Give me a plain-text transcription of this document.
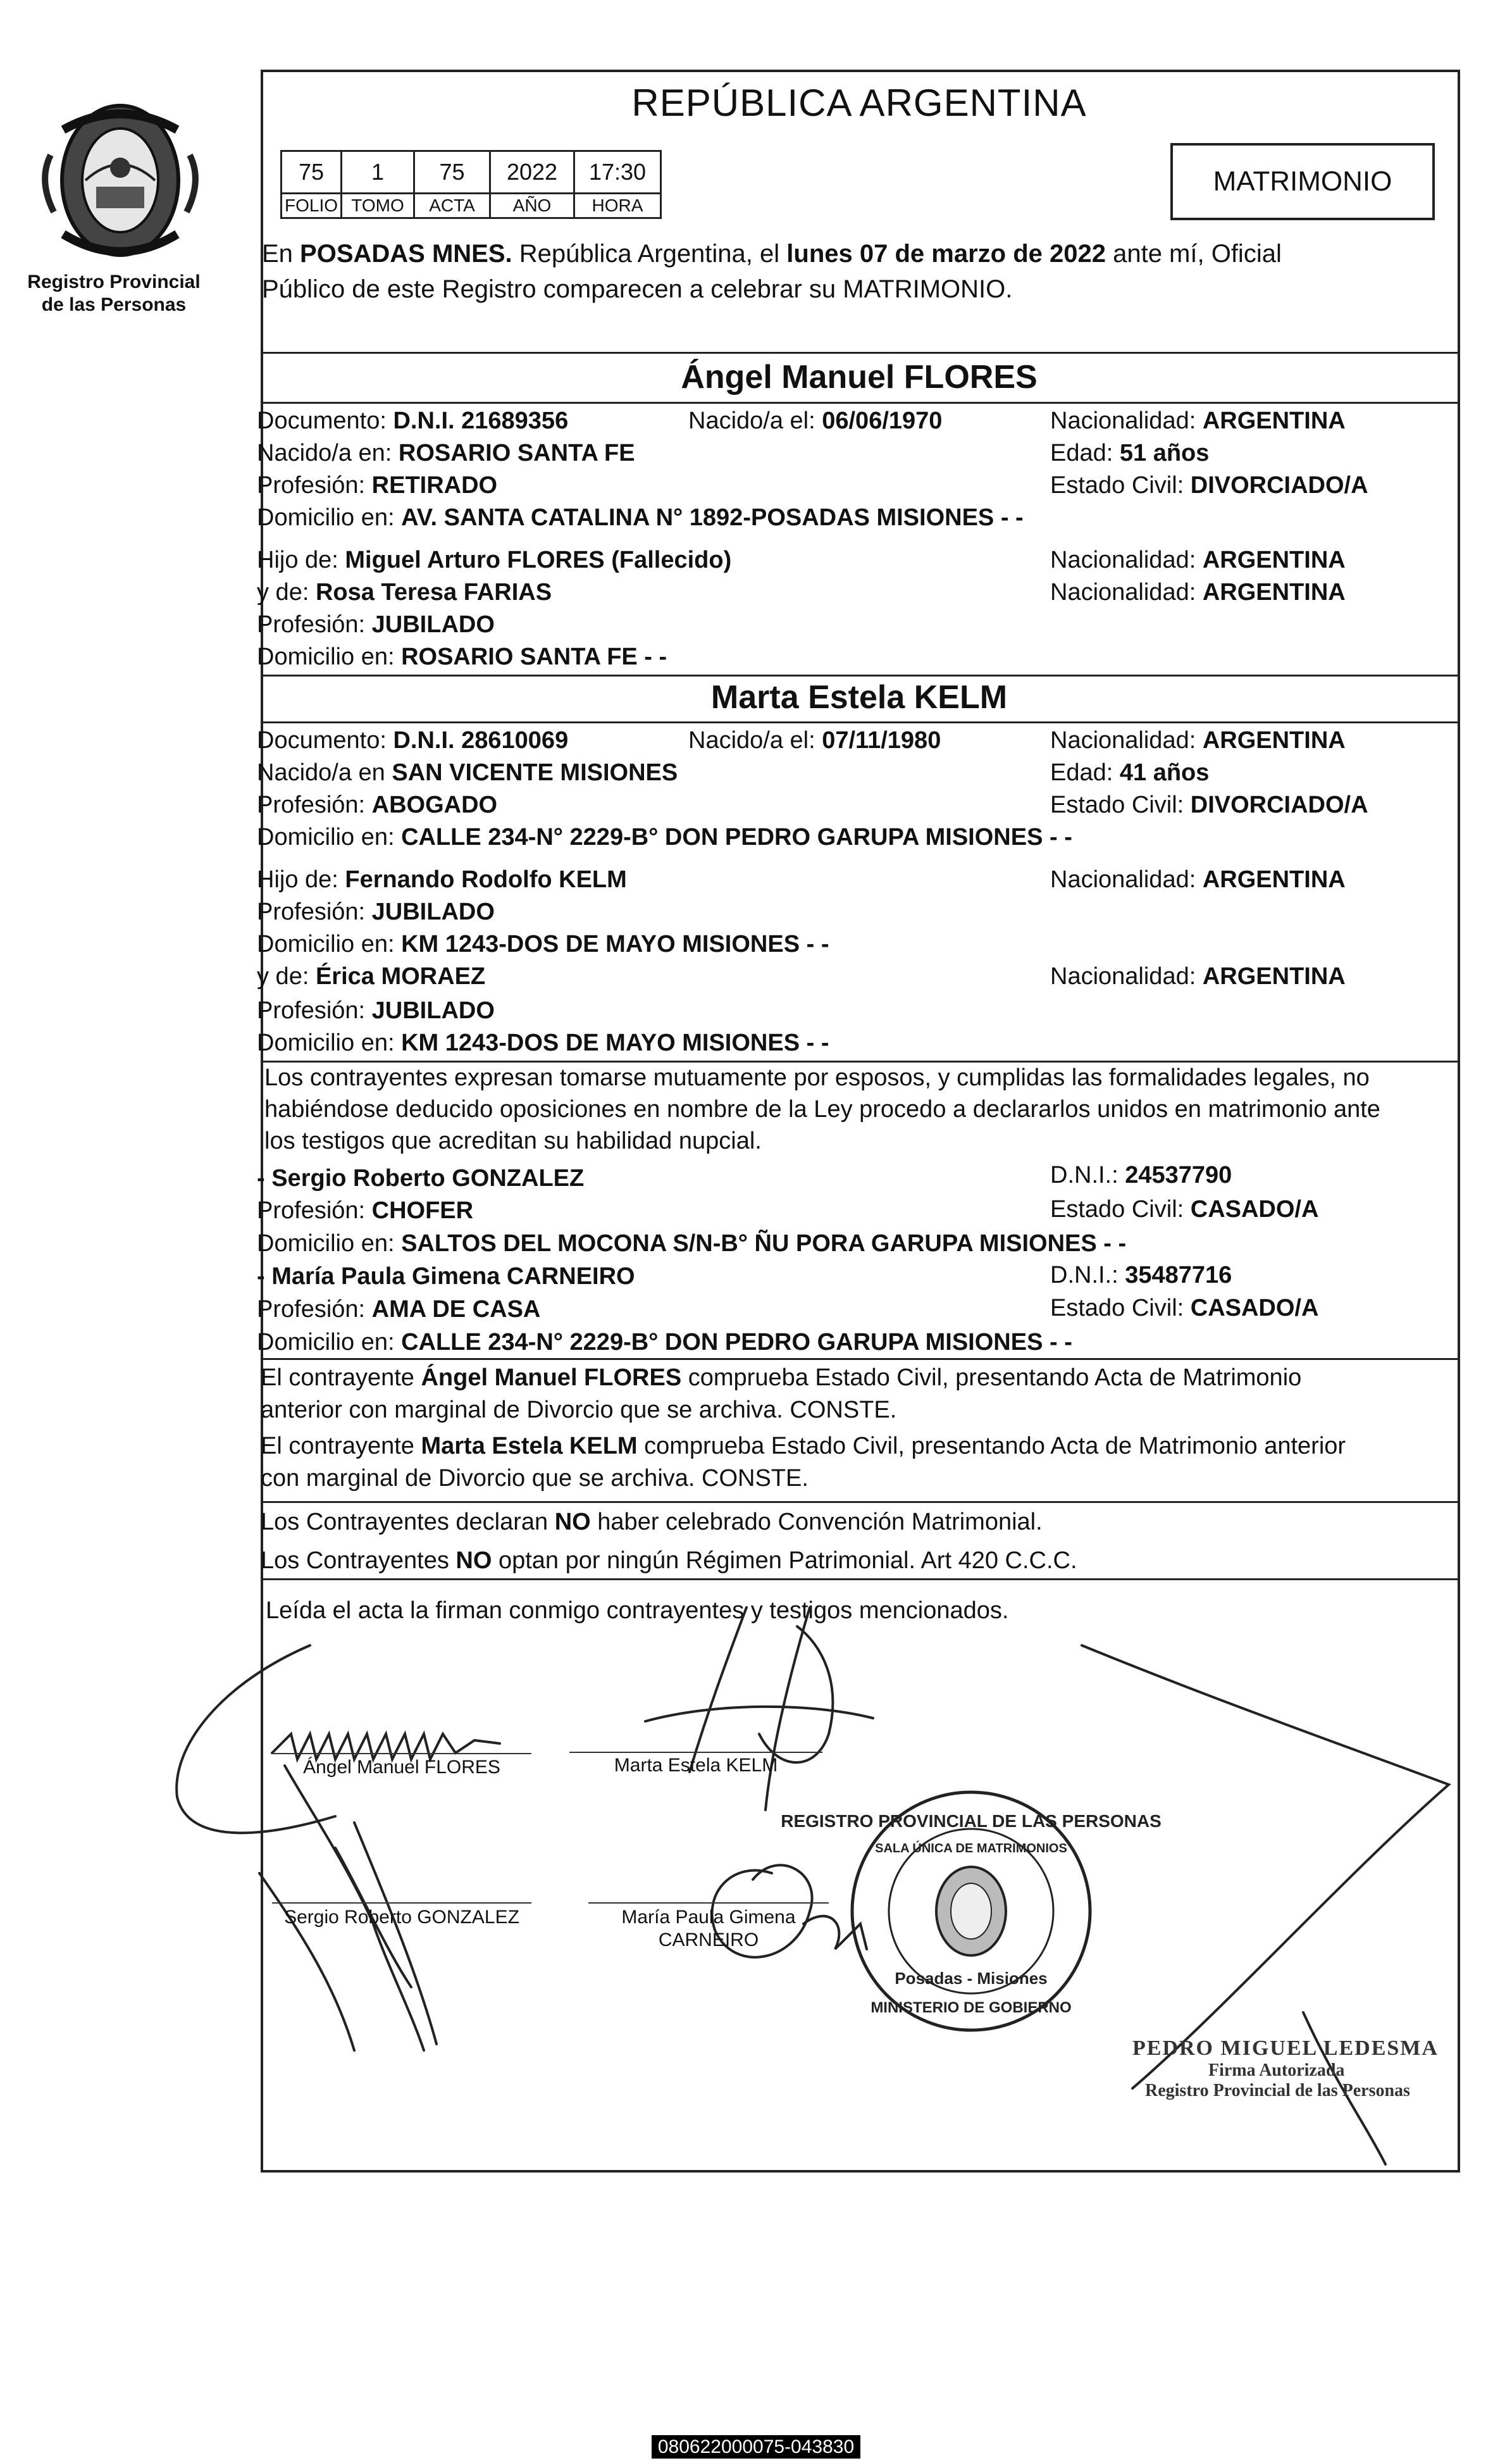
Registro Provincial
de las Personas
REPÚBLICA ARGENTINA
75	1	75	2022	17:30
FOLIO	TOMO	ACTA	AÑO	HORA
MATRIMONIO
En POSADAS MNES. República Argentina, el lunes 07 de marzo de 2022 ante mí, Oficial
Público de este Registro comparecen a celebrar su MATRIMONIO.
Ángel Manuel FLORES
Documento: D.N.I. 21689356	Nacido/a el: 06/06/1970	Nacionalidad: ARGENTINA
Nacido/a en: ROSARIO SANTA FE	Edad: 51 años
Profesión: RETIRADO	Estado Civil: DIVORCIADO/A
Domicilio en: AV. SANTA CATALINA N° 1892-POSADAS MISIONES - -
Hijo de: Miguel Arturo FLORES (Fallecido)	Nacionalidad: ARGENTINA
y de: Rosa Teresa FARIAS	Nacionalidad: ARGENTINA
Profesión: JUBILADO
Domicilio en: ROSARIO SANTA FE - -
Marta Estela KELM
Documento: D.N.I. 28610069	Nacido/a el: 07/11/1980	Nacionalidad: ARGENTINA
Nacido/a en SAN VICENTE MISIONES	Edad: 41 años
Profesión: ABOGADO	Estado Civil: DIVORCIADO/A
Domicilio en: CALLE 234-N° 2229-B° DON PEDRO GARUPA MISIONES - -
Hijo de: Fernando Rodolfo KELM	Nacionalidad: ARGENTINA
Profesión: JUBILADO
Domicilio en: KM 1243-DOS DE MAYO MISIONES - -
y de: Érica MORAEZ	Nacionalidad: ARGENTINA
Profesión: JUBILADO
Domicilio en: KM 1243-DOS DE MAYO MISIONES - -
Los contrayentes expresan tomarse mutuamente por esposos, y cumplidas las formalidades legales, no
habiéndose deducido oposiciones en nombre de la Ley procedo a declararlos unidos en matrimonio ante
los testigos que acreditan su habilidad nupcial.
- Sergio Roberto GONZALEZ	D.N.I.: 24537790
Profesión: CHOFER	Estado Civil: CASADO/A
Domicilio en: SALTOS DEL MOCONA S/N-B° ÑU PORA GARUPA MISIONES - -
- María Paula Gimena CARNEIRO	D.N.I.: 35487716
Profesión: AMA DE CASA	Estado Civil: CASADO/A
Domicilio en: CALLE 234-N° 2229-B° DON PEDRO GARUPA MISIONES - -
El contrayente Ángel Manuel FLORES comprueba Estado Civil, presentando Acta de Matrimonio
anterior con marginal de Divorcio que se archiva. CONSTE.
El contrayente Marta Estela KELM comprueba Estado Civil, presentando Acta de Matrimonio anterior
con marginal de Divorcio que se archiva. CONSTE.
Los Contrayentes declaran NO haber celebrado Convención Matrimonial.
Los Contrayentes NO optan por ningún Régimen Patrimonial. Art 420 C.C.C.
Leída el acta la firman conmigo contrayentes y testigos mencionados.
Ángel Manuel FLORES	Marta Estela KELM
Sergio Roberto GONZALEZ	María Paula Gimena
CARNEIRO
REGISTRO PROVINCIAL DE LAS PERSONAS
SALA ÚNICA DE MATRIMONIOS
Posadas - Misiones
MINISTERIO DE GOBIERNO
PEDRO MIGUEL LEDESMA
Firma Autorizada
Registro Provincial de las Personas
080622000075-043830
